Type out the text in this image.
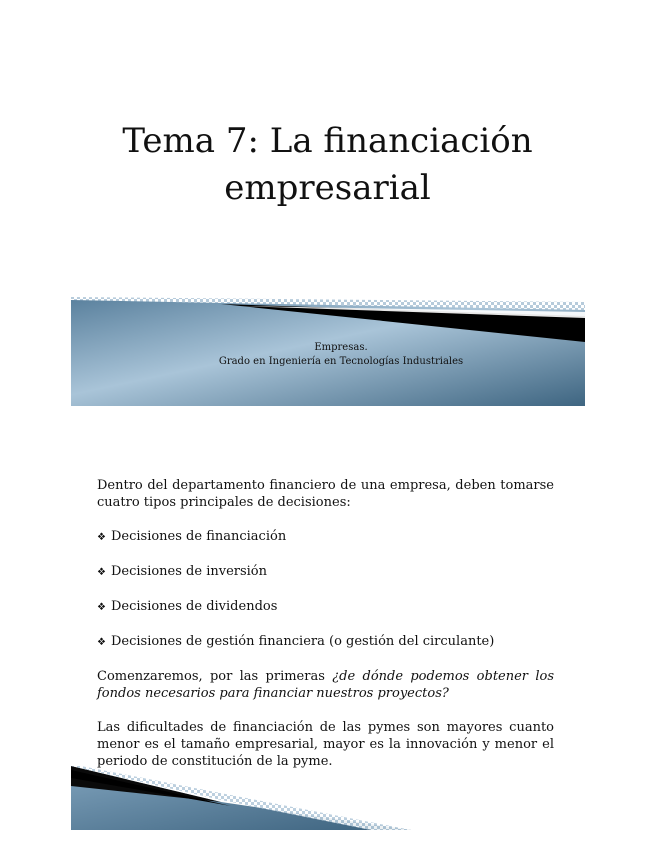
Tema 7: La financiación
empresarial
Empresas.
Grado en Ingeniería en Tecnologías Industriales

Dentro del departamento financiero de una empresa, deben tomarse cuatro tipos principales de decisiones:

❖ Decisiones de financiación

❖ Decisiones de inversión

❖ Decisiones de dividendos

❖ Decisiones de gestión financiera (o gestión del circulante)

Comenzaremos, por las primeras ¿de dónde podemos obtener los fondos necesarios para financiar nuestros proyectos?

Las dificultades de financiación de las pymes son mayores cuanto menor es el tamaño empresarial, mayor es la innovación y menor el periodo de constitución de la pyme.
